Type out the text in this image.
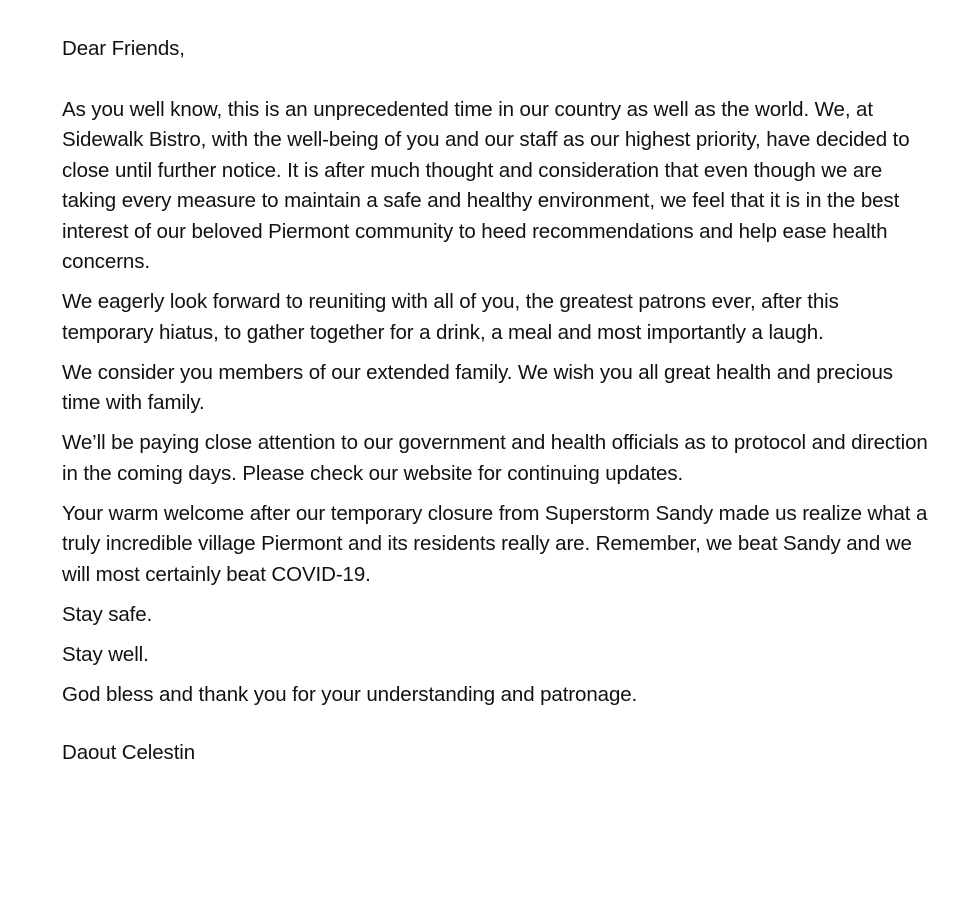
Dear Friends,

As you well know, this is an unprecedented time in our country as well as the world. We, at Sidewalk Bistro, with the well-being of you and our staff as our highest priority, have decided to close until further notice. It is after much thought and consideration that even though we are taking every measure to maintain a safe and healthy environment, we feel that it is in the best interest of our beloved Piermont community to heed recommendations and help ease health concerns.

We eagerly look forward to reuniting with all of you, the greatest patrons ever, after this temporary hiatus, to gather together for a drink, a meal and most importantly a laugh.

We consider you members of our extended family. We wish you all great health and precious time with family.

We’ll be paying close attention to our government and health officials as to protocol and direction in the coming days. Please check our website for continuing updates.

Your warm welcome after our temporary closure from Superstorm Sandy made us realize what a truly incredible village Piermont and its residents really are. Remember, we beat Sandy and we will most certainly beat COVID-19.

Stay safe.

Stay well.

God bless and thank you for your understanding and patronage.

Daout Celestin
